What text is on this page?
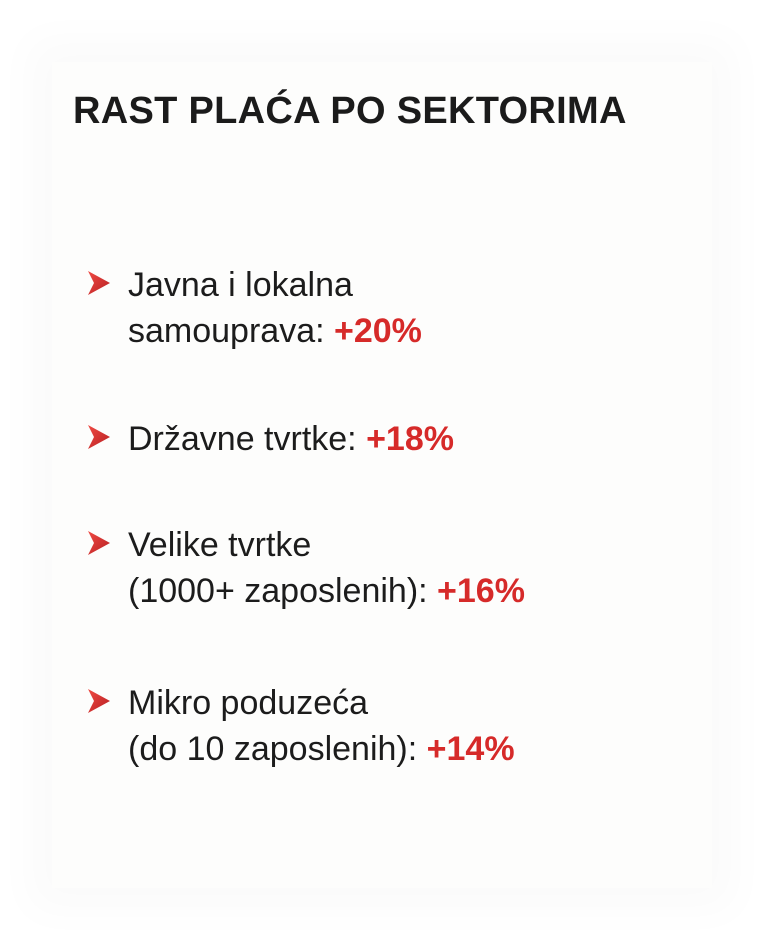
RAST PLAĆA PO SEKTORIMA
Javna i lokalna
samouprava: +20%
Državne tvrtke: +18%
Velike tvrtke
(1000+ zaposlenih): +16%
Mikro poduzeća
(do 10 zaposlenih): +14%
